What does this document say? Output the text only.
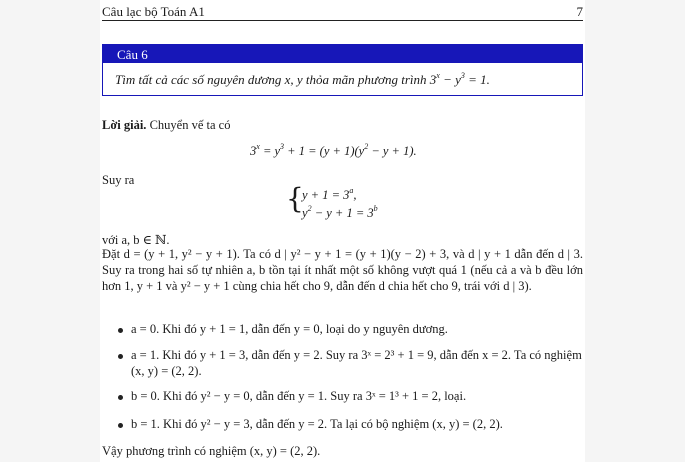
Câu lạc bộ Toán A1	7
Câu 6
Tìm tất cả các số nguyên dương x, y thỏa mãn phương trình $3^x - y^3 = 1$.
Lời giải. Chuyển vế ta có
$3^x = y^3 + 1 = (y + 1)(y^2 - y + 1)$.
Suy ra
{
$y + 1 = 3^a$,
$y^2 - y + 1 = 3^b$
với a, b ∈ ℕ.
Đặt d = (y + 1, y² − y + 1). Ta có d | y² − y + 1 = (y + 1)(y − 2) + 3, và d | y + 1 dẫn đến d | 3. Suy ra trong hai số tự nhiên a, b tồn tại ít nhất một số không vượt quá 1 (nếu cả a và b đều lớn hơn 1, y + 1 và y² − y + 1 cùng chia hết cho 9, dẫn đến d chia hết cho 9, trái với d | 3).
a = 0. Khi đó y + 1 = 1, dẫn đến y = 0, loại do y nguyên dương.
a = 1. Khi đó y + 1 = 3, dẫn đến y = 2. Suy ra 3ˣ = 2³ + 1 = 9, dẫn đến x = 2. Ta có nghiệm (x, y) = (2, 2).
b = 0. Khi đó y² − y = 0, dẫn đến y = 1. Suy ra 3ˣ = 1³ + 1 = 2, loại.
b = 1. Khi đó y² − y = 3, dẫn đến y = 2. Ta lại có bộ nghiệm (x, y) = (2, 2).
Vậy phương trình có nghiệm (x, y) = (2, 2).
